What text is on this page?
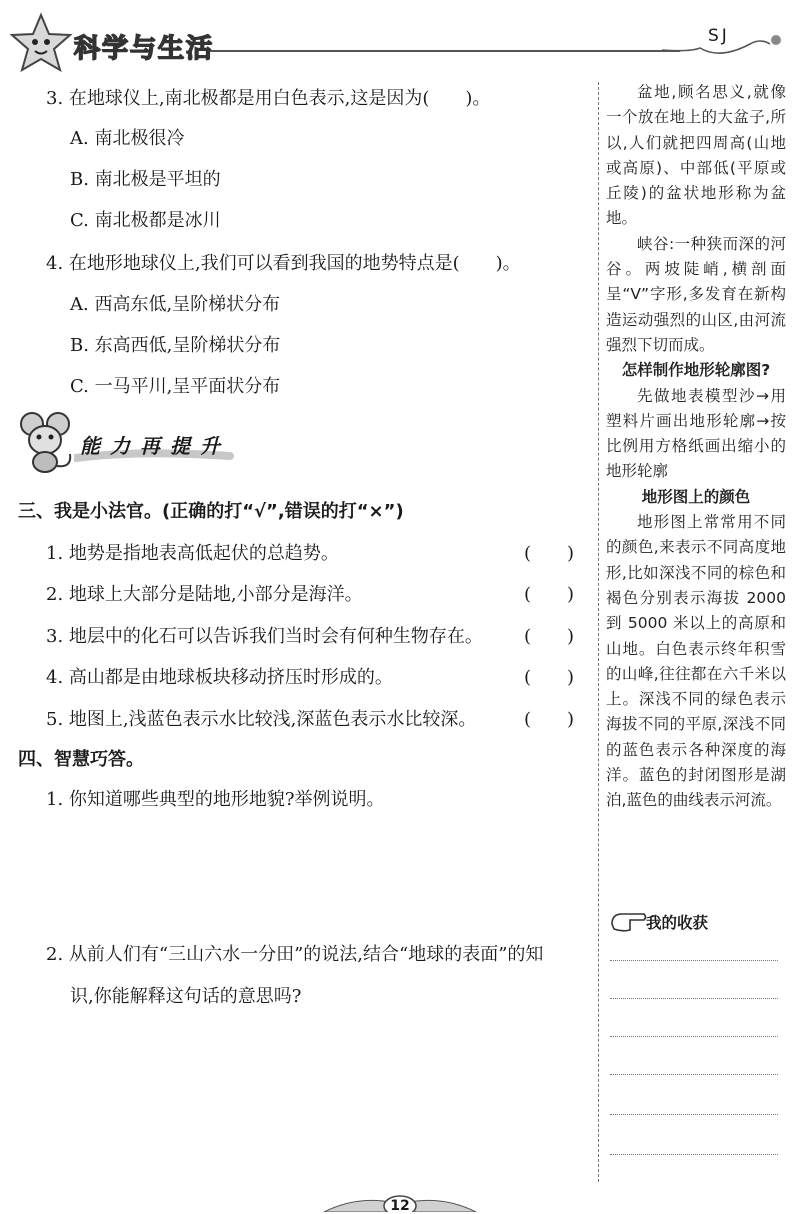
科学与生活	SJ
3. 在地球仪上,南北极都是用白色表示,这是因为(　　)。
A. 南北极很冷
B. 南北极是平坦的
C. 南北极都是冰川
4. 在地形地球仪上,我们可以看到我国的地势特点是(　　)。
A. 西高东低,呈阶梯状分布
B. 东高西低,呈阶梯状分布
C. 一马平川,呈平面状分布
能力再提升
三、我是小法官。(正确的打“√”,错误的打“×”)
1. 地势是指地表高低起伏的总趋势。
2. 地球上大部分是陆地,小部分是海洋。
3. 地层中的化石可以告诉我们当时会有何种生物存在。
4. 高山都是由地球板块移动挤压时形成的。
5. 地图上,浅蓝色表示水比较浅,深蓝色表示水比较深。
(　　)
(　　)
(　　)
(　　)
(　　)
四、智慧巧答。
1. 你知道哪些典型的地形地貌?举例说明。
2. 从前人们有“三山六水一分田”的说法,结合“地球的表面”的知
识,你能解释这句话的意思吗?

盆地,顾名思义,就像一个放在地上的大盆子,所以,人们就把四周高(山地或高原)、中部低(平原或丘陵)的盆状地形称为盆地。

峡谷:一种狭而深的河谷。两坡陡峭,横剖面呈“V”字形,多发育在新构造运动强烈的山区,由河流强烈下切而成。

怎样制作地形轮廓图?

先做地表模型沙→用塑料片画出地形轮廓→按比例用方格纸画出缩小的地形轮廓

地形图上的颜色

地形图上常常用不同的颜色,来表示不同高度地形,比如深浅不同的棕色和褐色分别表示海拔 2000 到 5000 米以上的高原和山地。白色表示终年积雪的山峰,往往都在六千米以上。深浅不同的绿色表示海拔不同的平原,深浅不同的蓝色表示各种深度的海洋。蓝色的封闭图形是湖泊,蓝色的曲线表示河流。

我的收获
12
